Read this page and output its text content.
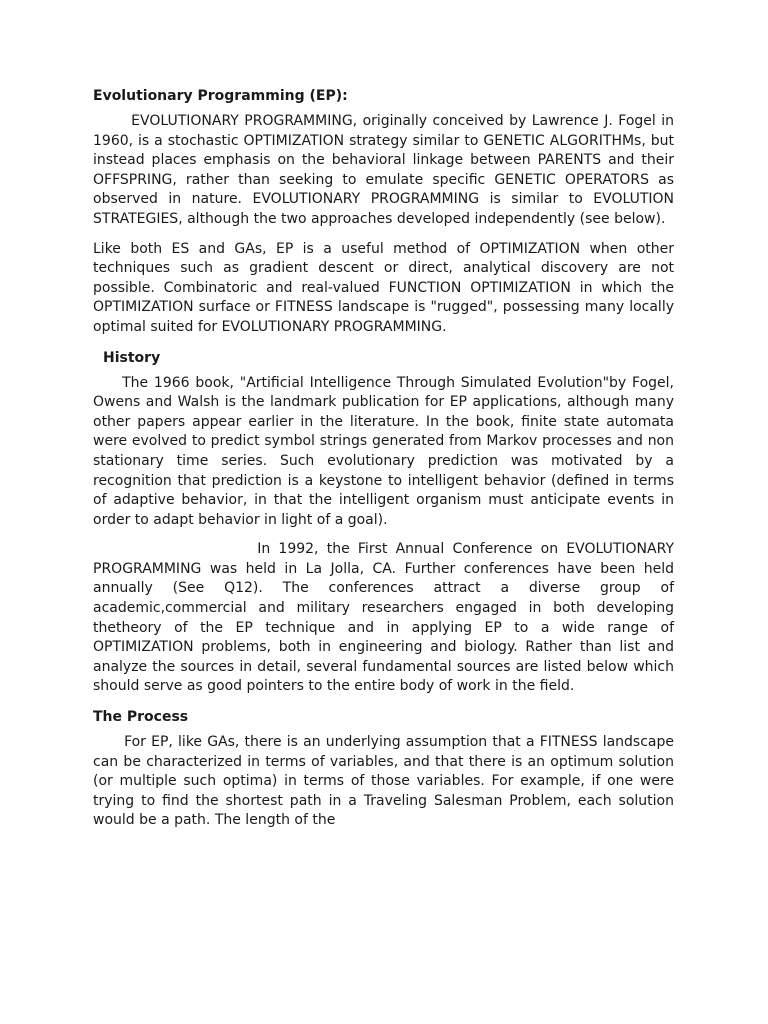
Evolutionary Programming (EP):

EVOLUTIONARY PROGRAMMING, originally conceived by Lawrence J. Fogel in 1960, is a stochastic OPTIMIZATION strategy similar to GENETIC ALGORITHMs, but instead places emphasis on the behavioral linkage between PARENTS and their OFFSPRING, rather than seeking to emulate specific GENETIC OPERATORS as observed in nature. EVOLUTIONARY PROGRAMMING is similar to EVOLUTION STRATEGIES, although the two approaches developed independently (see below).

Like both ES and GAs, EP is a useful method of OPTIMIZATION when other techniques such as gradient descent or direct, analytical discovery are not possible. Combinatoric and real-valued FUNCTION OPTIMIZATION in which the OPTIMIZATION surface or FITNESS landscape is "rugged", possessing many locally optimal suited for EVOLUTIONARY PROGRAMMING.

History

The 1966 book, "Artificial Intelligence Through Simulated Evolution"by Fogel, Owens and Walsh is the landmark publication for EP applications, although many other papers appear earlier in the literature. In the book, finite state automata were evolved to predict symbol strings generated from Markov processes and non stationary time series. Such evolutionary prediction was motivated by a recognition that prediction is a keystone to intelligent behavior (defined in terms of adaptive behavior, in that the intelligent organism must anticipate events in order to adapt behavior in light of a goal).

In 1992, the First Annual Conference on EVOLUTIONARY PROGRAMMING was held in La Jolla, CA. Further conferences have been held annually (See Q12). The conferences attract a diverse group of academic,commercial and military researchers engaged in both developing thetheory of the EP technique and in applying EP to a wide range of OPTIMIZATION problems, both in engineering and biology. Rather than list and analyze the sources in detail, several fundamental sources are listed below which should serve as good pointers to the entire body of work in the field.

The Process

For EP, like GAs, there is an underlying assumption that a FITNESS landscape can be characterized in terms of variables, and that there is an optimum solution (or multiple such optima) in terms of those variables. For example, if one were trying to find the shortest path in a Traveling Salesman Problem, each solution would be a path. The length of the
